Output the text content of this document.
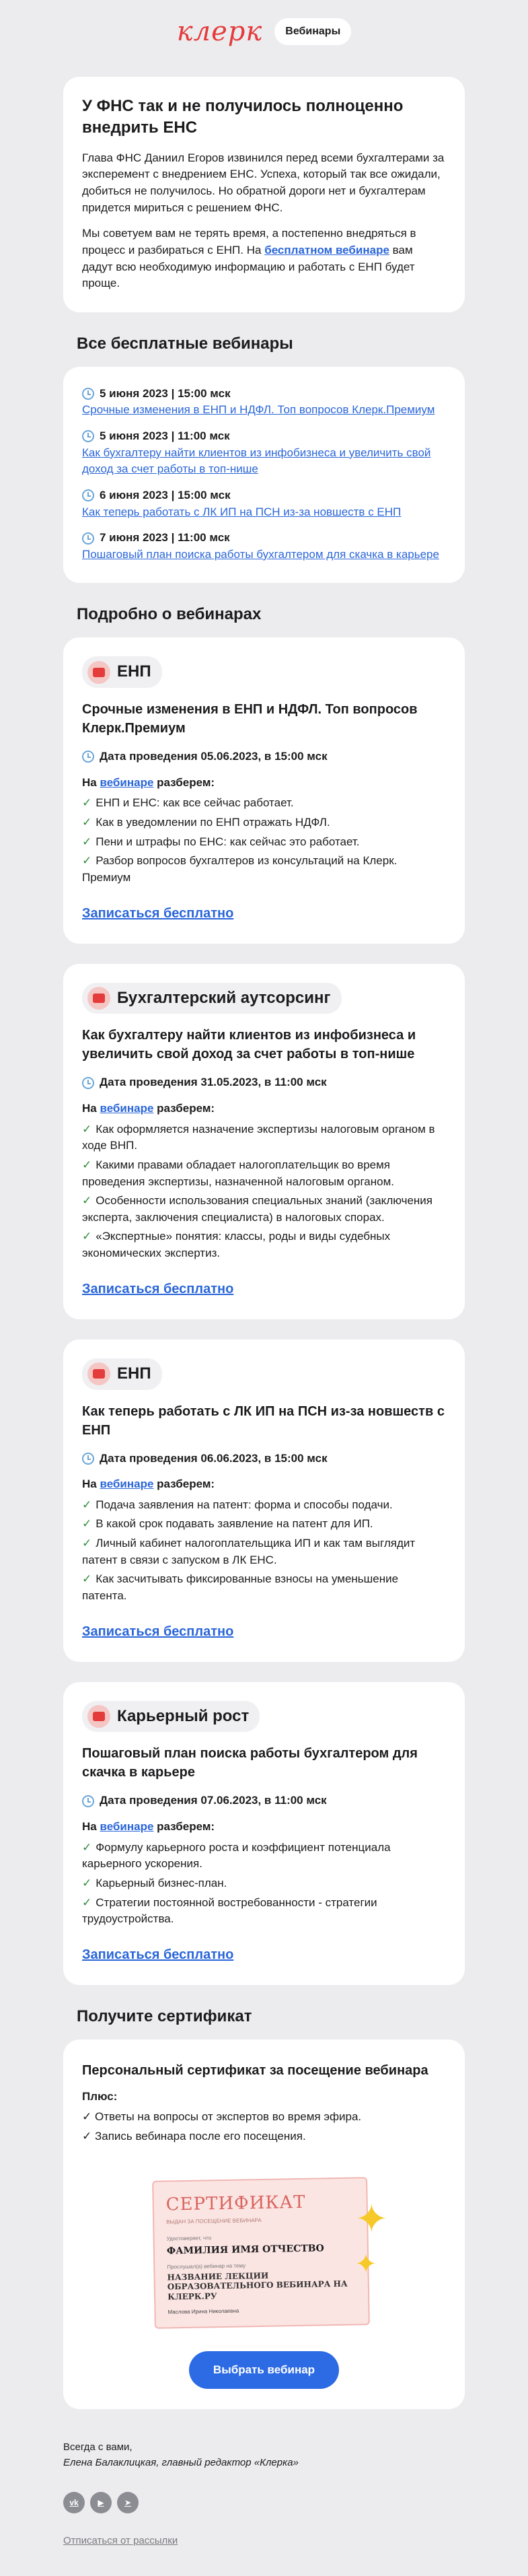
клерк	Вебинары
У ФНС так и не получилось полноценно внедрить ЕНС

Глава ФНС Даниил Егоров извинился перед всеми бухгалтерами за эксперемент с внедрением ЕНС. Успеха, который так все ожидали, добиться не получилось. Но обратной дороги нет и бухгалтерам придется мириться с решением ФНС.

Мы советуем вам не терять время, а постепенно внедряться в процесс и разбираться с ЕНП. На бесплатном вебинаре вам дадут всю необходимую информацию и работать с ЕНП будет проще.

Все бесплатные вебинары
5 июня 2023 | 15:00 мск
Срочные изменения в ЕНП и НДФЛ. Топ вопросов Клерк.Премиум
5 июня 2023 | 11:00 мск
Как бухгалтеру найти клиентов из инфобизнеса и увеличить свой доход за счет работы в топ-нише
6 июня 2023 | 15:00 мск
Как теперь работать с ЛК ИП на ПСН из-за новшеств с ЕНП
7 июня 2023 | 11:00 мск
Пошаговый план поиска работы бухгалтером для скачка в карьере
Подробно о вебинарах
ЕНП
Срочные изменения в ЕНП и НДФЛ. Топ вопросов Клерк.Премиум
Дата проведения 05.06.2023, в 15:00 мск
На вебинаре разберем:
✓ ЕНП и ЕНС: как все сейчас работает.
✓ Как в уведомлении по ЕНП отражать НДФЛ.
✓ Пени и штрафы по ЕНС: как сейчас это работает.
✓ Разбор вопросов бухгалтеров из консультаций на Клерк. Премиум
Записаться бесплатно
Бухгалтерский аутсорсинг
Как бухгалтеру найти клиентов из инфобизнеса и увеличить свой доход за счет работы в топ-нише
Дата проведения 31.05.2023, в 11:00 мск
На вебинаре разберем:
✓ Как оформляется назначение экспертизы налоговым органом в ходе ВНП.
✓ Какими правами обладает налогоплательщик во время проведения экспертизы, назначенной налоговым органом.
✓ Особенности использования специальных знаний (заключения эксперта, заключения специалиста) в налоговых спорах.
✓ «Экспертные» понятия: классы, роды и виды судебных экономических экспертиз.
Записаться бесплатно
ЕНП
Как теперь работать с ЛК ИП на ПСН из-за новшеств с ЕНП
Дата проведения 06.06.2023, в 15:00 мск
На вебинаре разберем:
✓ Подача заявления на патент: форма и способы подачи.
✓ В какой срок подавать заявление на патент для ИП.
✓ Личный кабинет налогоплательщика ИП и как там выглядит патент в связи с запуском в ЛК ЕНС.
✓ Как засчитывать фиксированные взносы на уменьшение патента.
Записаться бесплатно
Карьерный рост
Пошаговый план поиска работы бухгалтером для скачка в карьере
Дата проведения 07.06.2023, в 11:00 мск
На вебинаре разберем:
✓ Формулу карьерного роста и коэффициент потенциала карьерного ускорения.
✓ Карьерный бизнес-план.
✓ Стратегии постоянной востребованности - стратегии трудоустройства.
Записаться бесплатно
Получите сертификат
Персональный сертификат за посещение вебинара
Плюс:
✓ Ответы на вопросы от экспертов во время эфира.
✓ Запись вебинара после его посещения.
СЕРТИФИКАТ
ВЫДАН ЗА ПОСЕЩЕНИЕ ВЕБИНАРА
Удостоверяет, что
ФАМИЛИЯ ИМЯ ОТЧЕСТВО
Прослушал(а) вебинар на тему
НАЗВАНИЕ ЛЕКЦИИ ОБРАЗОВАТЕЛЬНОГО ВЕБИНАРА НА КЛЕРК.РУ
Маслова Ирина Николаевна
✦
✦
Выбрать вебинар
Всегда с вами,
Елена Балаклицкая, главный редактор «Клерка»
vk	▶	➤
Отписаться от рассылки
